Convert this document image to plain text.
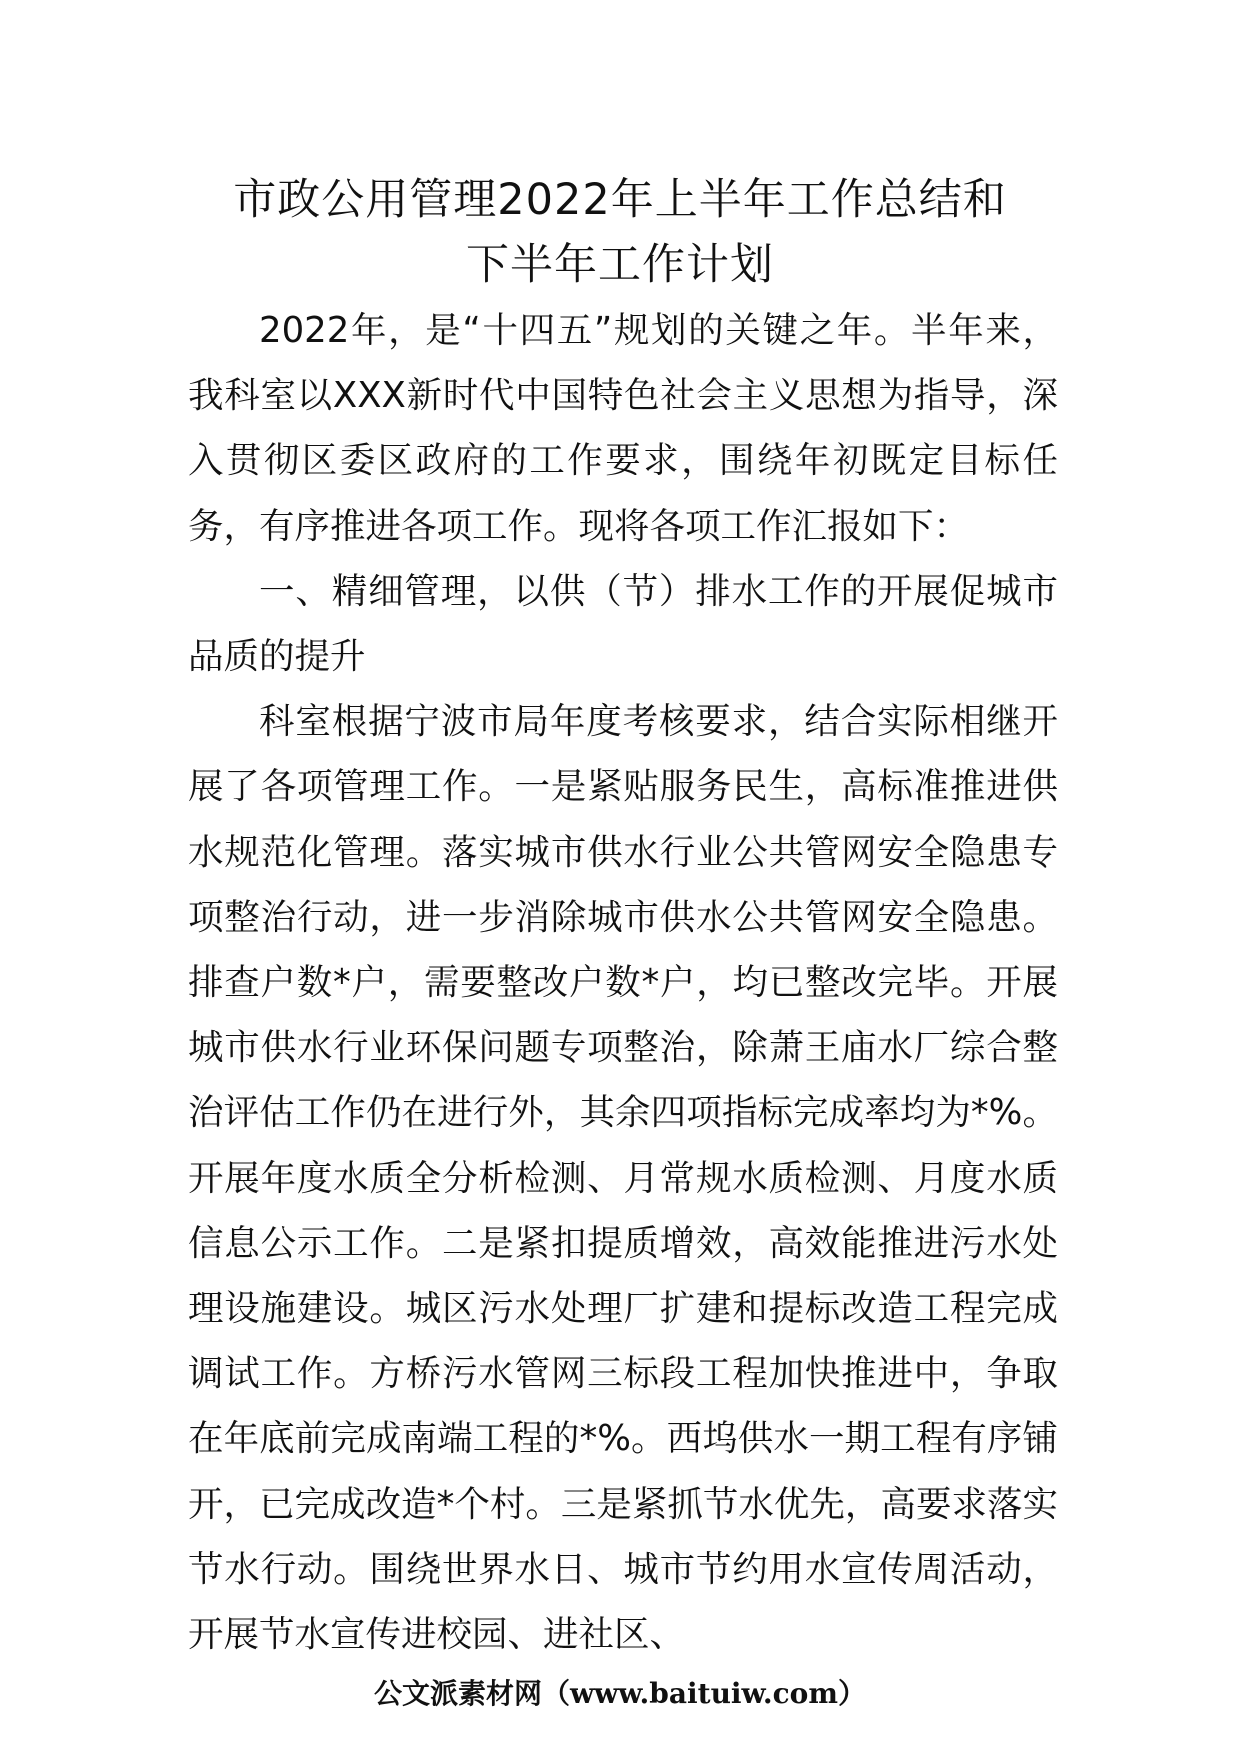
市政公用管理2022年上半年工作总结和
下半年工作计划

2022年，是“十四五”规划的关键之年。半年来，我科室以XXX新时代中国特色社会主义思想为指导，深入贯彻区委区政府的工作要求，围绕年初既定目标任务，有序推进各项工作。现将各项工作汇报如下：

一、精细管理，以供（节）排水工作的开展促城市品质的提升

科室根据宁波市局年度考核要求，结合实际相继开展了各项管理工作。一是紧贴服务民生，高标准推进供水规范化管理。落实城市供水行业公共管网安全隐患专项整治行动，进一步消除城市供水公共管网安全隐患。排查户数*户，需要整改户数*户，均已整改完毕。开展城市供水行业环保问题专项整治，除萧王庙水厂综合整治评估工作仍在进行外，其余四项指标完成率均为*%。开展年度水质全分析检测、月常规水质检测、月度水质信息公示工作。二是紧扣提质增效，高效能推进污水处理设施建设。城区污水处理厂扩建和提标改造工程完成调试工作。方桥污水管网三标段工程加快推进中，争取在年底前完成南端工程的*%。西坞供水一期工程有序铺开，已完成改造*个村。三是紧抓节水优先，高要求落实节水行动。围绕世界水日、城市节约用水宣传周活动，开展节水宣传进校园、进社区、

公文派素材网（www.baituiw.com）
